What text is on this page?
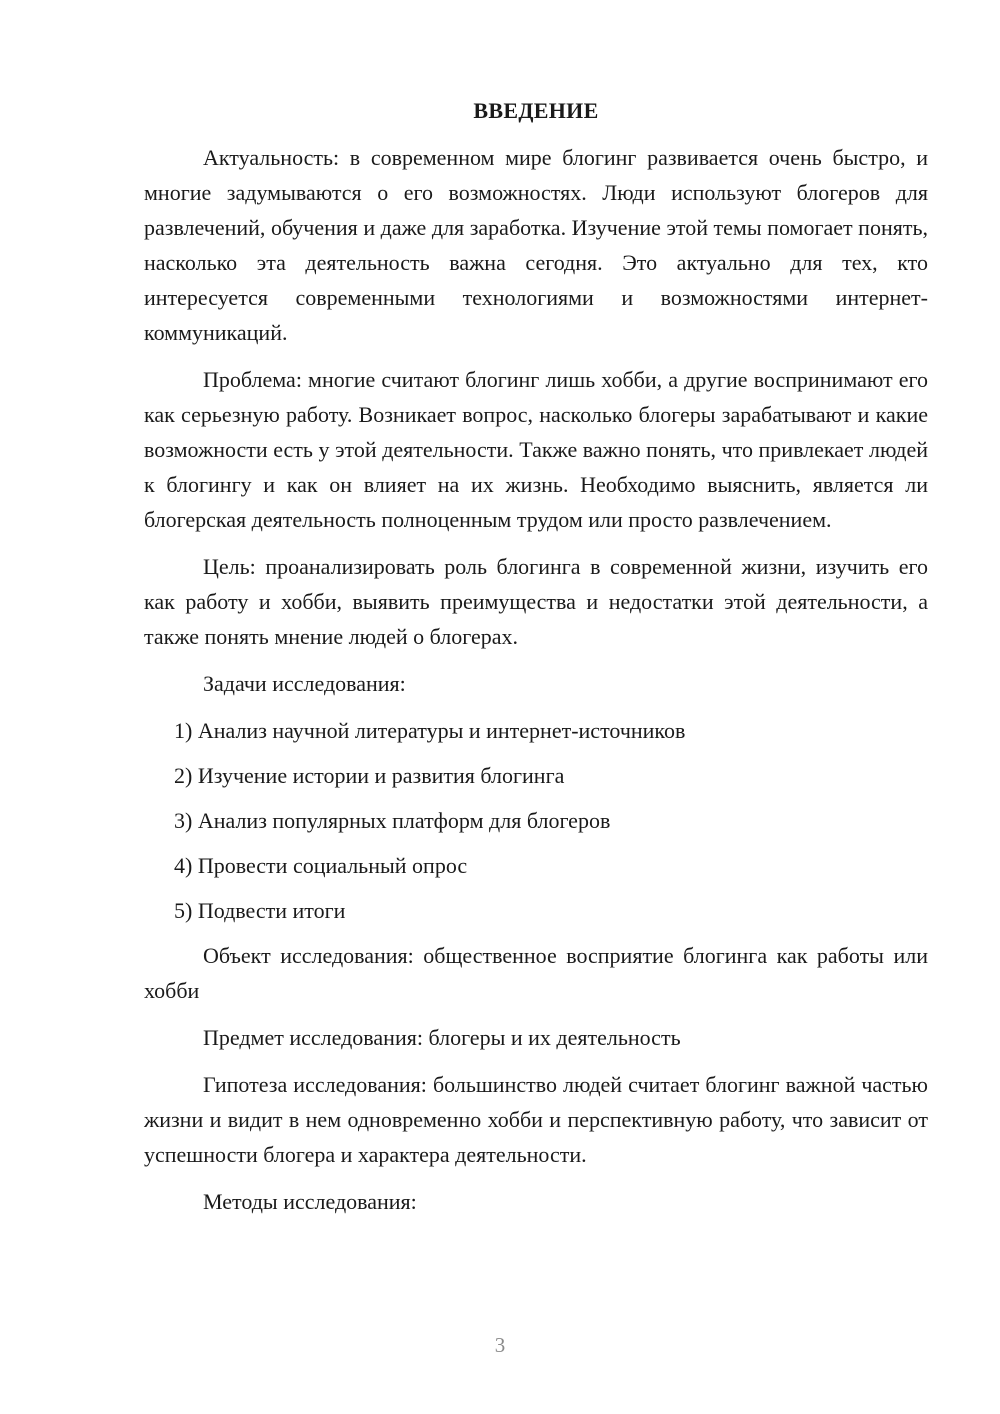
ВВЕДЕНИЕ

Актуальность: в современном мире блогинг развивается очень быстро, и многие задумываются о его возможностях. Люди используют блогеров для развлечений, обучения и даже для заработка. Изучение этой темы помогает понять, насколько эта деятельность важна сегодня. Это актуально для тех, кто интересуется современными технологиями и возможностями интернет-коммуникаций.

Проблема: многие считают блогинг лишь хобби, а другие воспринимают его как серьезную работу. Возникает вопрос, насколько блогеры зарабатывают и какие возможности есть у этой деятельности. Также важно понять, что привлекает людей к блогингу и как он влияет на их жизнь. Необходимо выяснить, является ли блогерская деятельность полноценным трудом или просто развлечением.

Цель: проанализировать роль блогинга в современной жизни, изучить его как работу и хобби, выявить преимущества и недостатки этой деятельности, а также понять мнение людей о блогерах.

Задачи исследования:

1) Анализ научной литературы и интернет-источников
2) Изучение истории и развития блогинга
3) Анализ популярных платформ для блогеров
4) Провести социальный опрос
5) Подвести итоги

Объект исследования: общественное восприятие блогинга как работы или хобби

Предмет исследования: блогеры и их деятельность

Гипотеза исследования: большинство людей считает блогинг важной частью жизни и видит в нем одновременно хобби и перспективную работу, что зависит от успешности блогера и характера деятельности.

Методы исследования:

3
